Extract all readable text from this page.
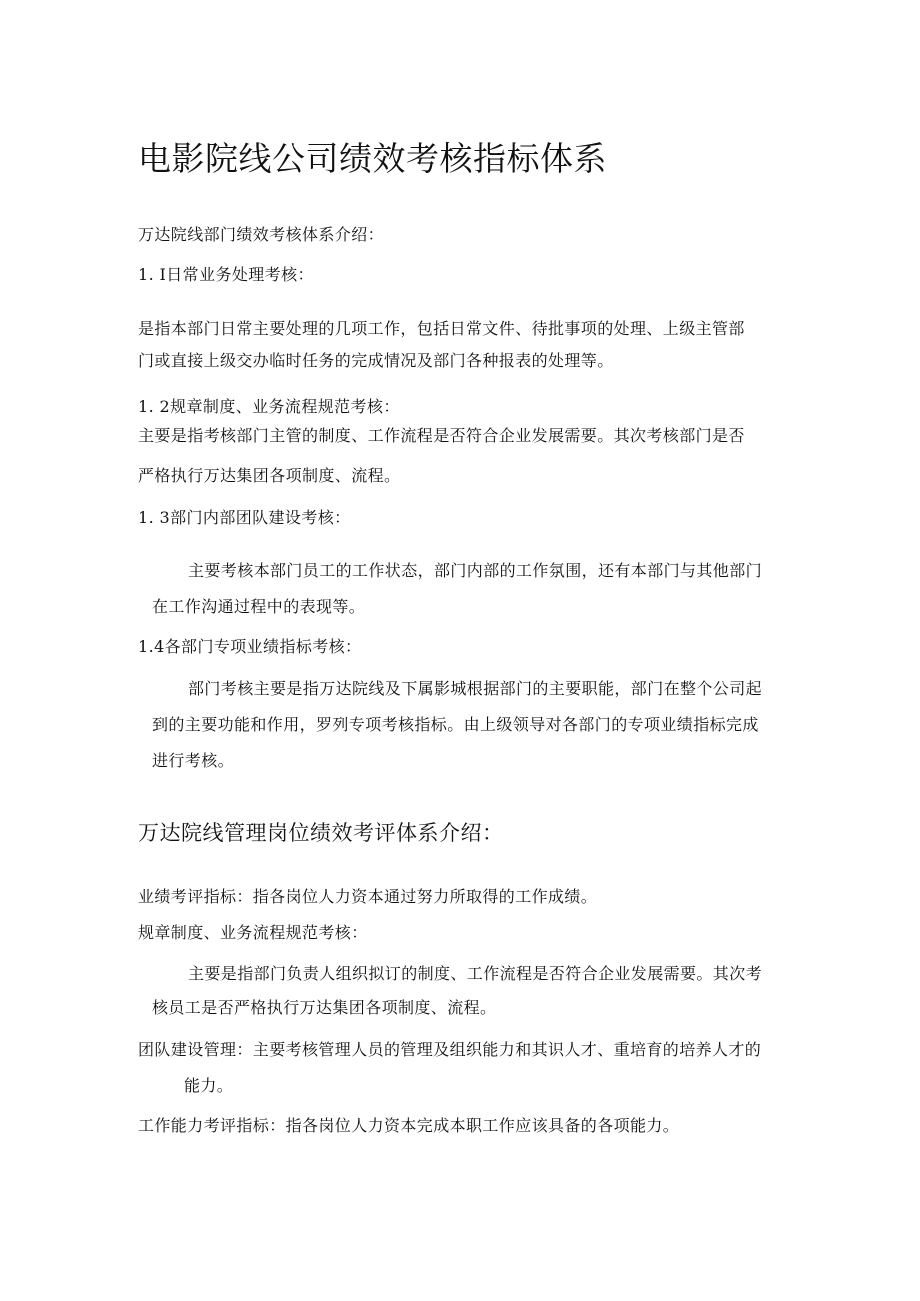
电影院线公司绩效考核指标体系
万达院线部门绩效考核体系介绍：
1. I日常业务处理考核：
是指本部门日常主要处理的几项工作，包括日常文件、待批事项的处理、上级主管部
门或直接上级交办临时任务的完成情况及部门各种报表的处理等。
1. 2规章制度、业务流程规范考核：
主要是指考核部门主管的制度、工作流程是否符合企业发展需要。其次考核部门是否
严格执行万达集团各项制度、流程。
1. 3部门内部团队建设考核：
主要考核本部门员工的工作状态，部门内部的工作氛围，还有本部门与其他部门
在工作沟通过程中的表现等。
1.4各部门专项业绩指标考核：
部门考核主要是指万达院线及下属影城根据部门的主要职能，部门在整个公司起
到的主要功能和作用，罗列专项考核指标。由上级领导对各部门的专项业绩指标完成
进行考核。
万达院线管理岗位绩效考评体系介绍：
业绩考评指标：指各岗位人力资本通过努力所取得的工作成绩。
规章制度、业务流程规范考核：
主要是指部门负责人组织拟订的制度、工作流程是否符合企业发展需要。其次考
核员工是否严格执行万达集团各项制度、流程。
团队建设管理：主要考核管理人员的管理及组织能力和其识人才、重培育的培养人才的
能力。
工作能力考评指标：指各岗位人力资本完成本职工作应该具备的各项能力。
